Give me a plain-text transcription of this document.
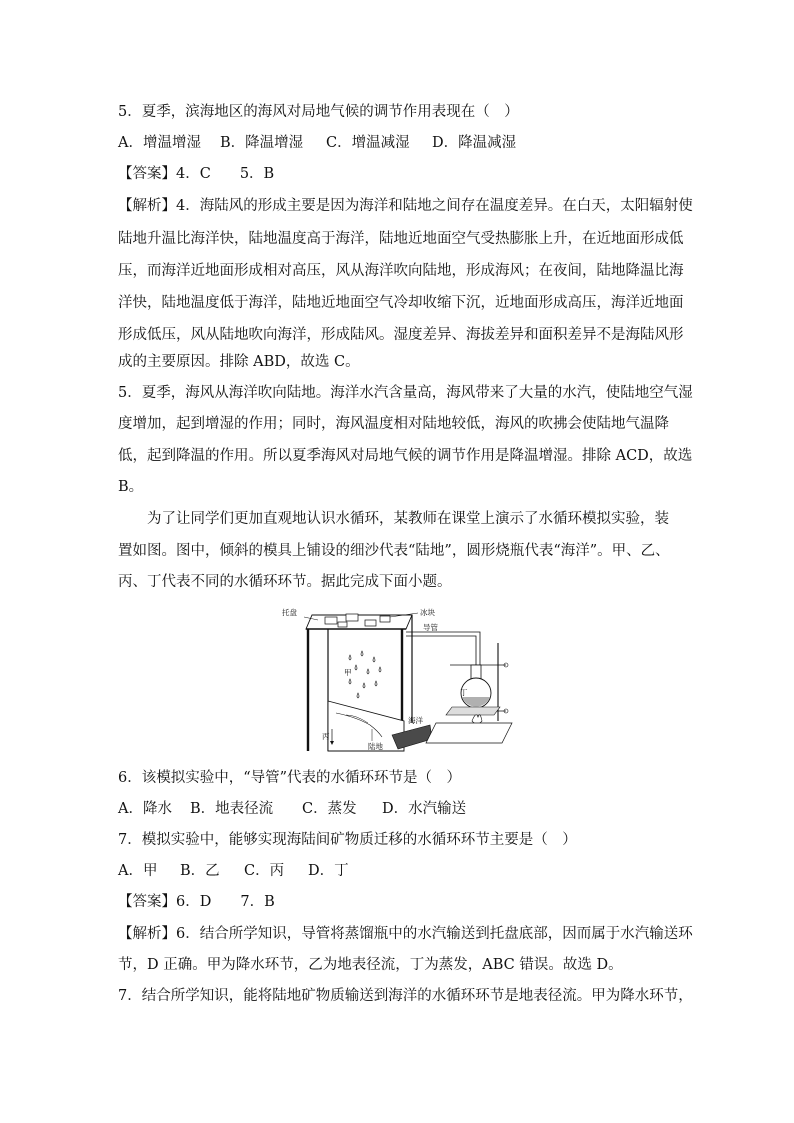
5．夏季，滨海地区的海风对局地气候的调节作用表现在（　）
A．增温增湿 B．降温增湿 C．增温减湿 D．降温减湿
【答案】4．C　　5．B
【解析】4．海陆风的形成主要是因为海洋和陆地之间存在温度差异。在白天，太阳辐射使
陆地升温比海洋快，陆地温度高于海洋，陆地近地面空气受热膨胀上升，在近地面形成低
压，而海洋近地面形成相对高压，风从海洋吹向陆地，形成海风；在夜间，陆地降温比海
洋快，陆地温度低于海洋，陆地近地面空气冷却收缩下沉，近地面形成高压，海洋近地面
形成低压，风从陆地吹向海洋，形成陆风。湿度差异、海拔差异和面积差异不是海陆风形
成的主要原因。排除 ABD，故选 C。
5．夏季，海风从海洋吹向陆地。海洋水汽含量高，海风带来了大量的水汽，使陆地空气湿
度增加，起到增湿的作用；同时，海风温度相对陆地较低，海风的吹拂会使陆地气温降
低，起到降温的作用。所以夏季海风对局地气候的调节作用是降温增湿。排除 ACD，故选
B。
　　为了让同学们更加直观地认识水循环，某教师在课堂上演示了水循环模拟实验，装
置如图。图中，倾斜的模具上铺设的细沙代表“陆地”，圆形烧瓶代表“海洋”。甲、乙、
丙、丁代表不同的水循环环节。据此完成下面小题。
托盘	冰块
导管
甲
丙
陆地
海洋
丁
6．该模拟实验中，“导管”代表的水循环环节是（　）
A．降水 B．地表径流 C．蒸发 D．水汽输送
7．模拟实验中，能够实现海陆间矿物质迁移的水循环环节主要是（　）
A．甲 B．乙 C．丙 D．丁
【答案】6．D　　7．B
【解析】6．结合所学知识，导管将蒸馏瓶中的水汽输送到托盘底部，因而属于水汽输送环
节，D 正确。甲为降水环节，乙为地表径流，丁为蒸发，ABC 错误。故选 D。
7．结合所学知识，能将陆地矿物质输送到海洋的水循环环节是地表径流。甲为降水环节，
